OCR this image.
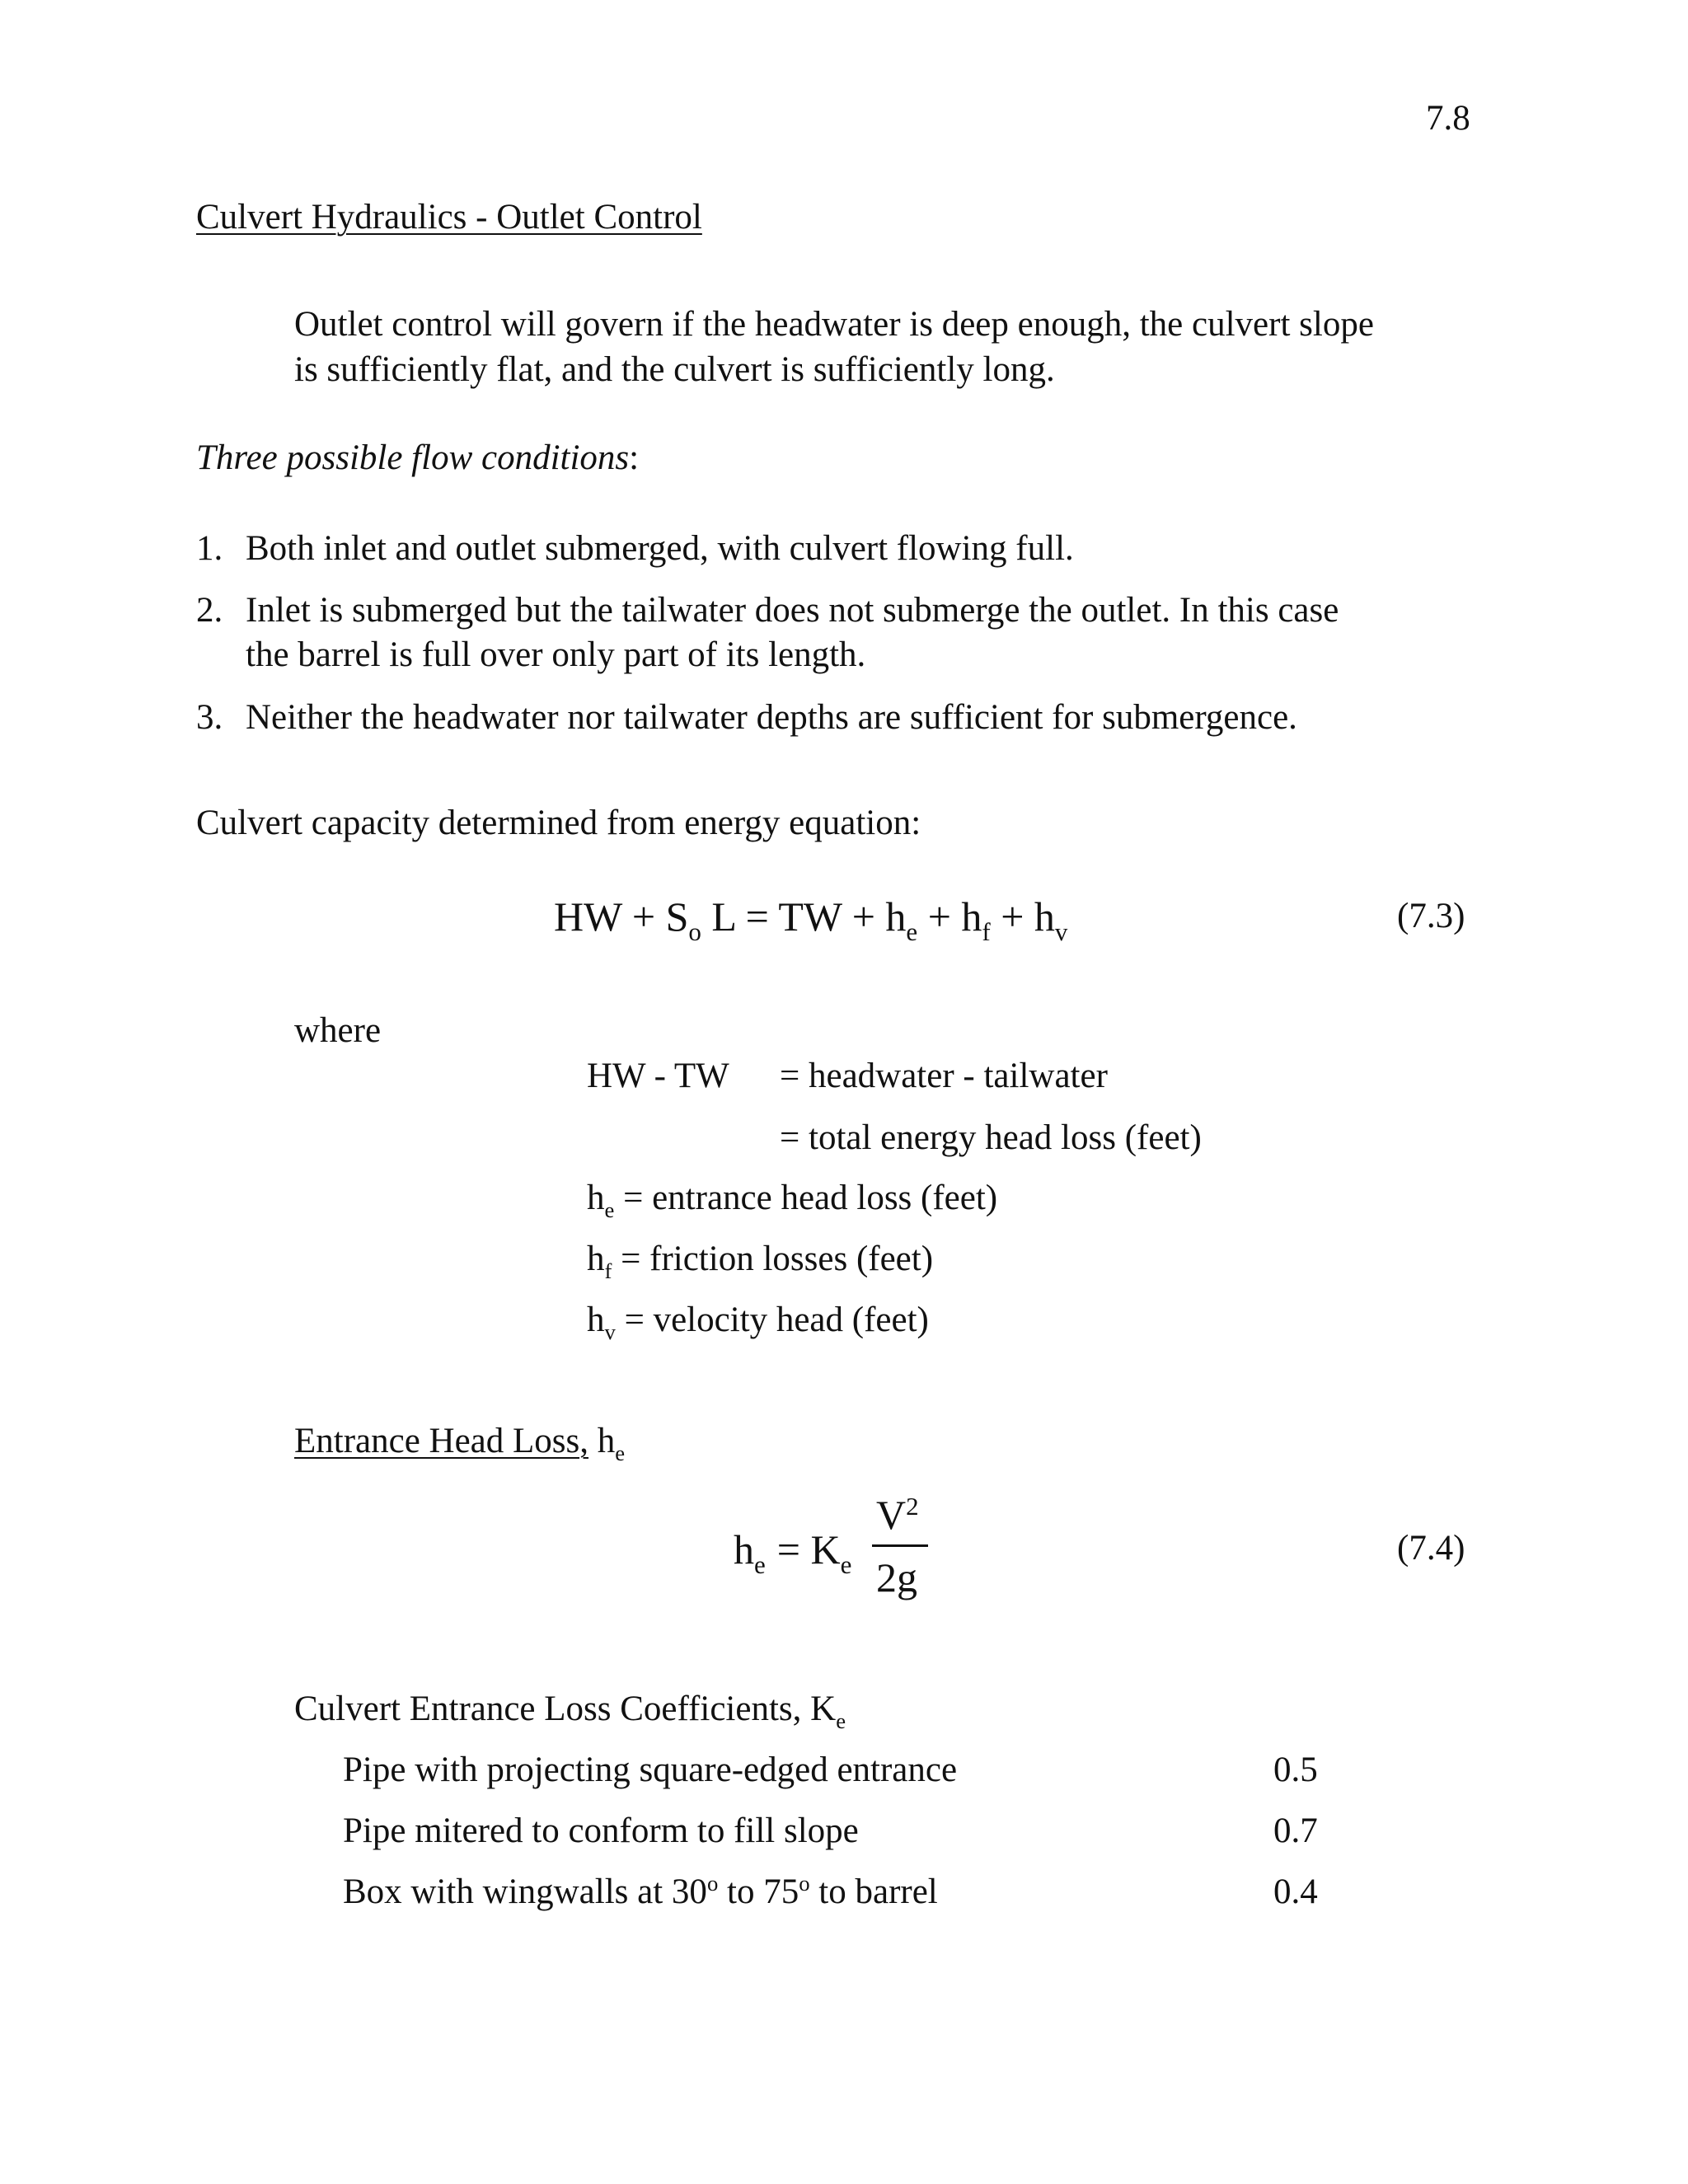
7.8
Culvert Hydraulics - Outlet Control
Outlet control will govern if the headwater is deep enough, the culvert slope
is sufficiently flat, and the culvert is sufficiently long.
Three possible flow conditions:
1. Both inlet and outlet submerged, with culvert flowing full.
2. Inlet is submerged but the tailwater does not submerge the outlet. In this case
the barrel is full over only part of its length.
3. Neither the headwater nor tailwater depths are sufficient for submergence.
Culvert capacity determined from energy equation:
HW + $S_o$ L = TW + $h_e + h_f + h_v$	(7.3)
where
HW - TW = headwater - tailwater
= total energy head loss (feet)
$h_e$ = entrance head loss (feet)
$h_f$ = friction losses (feet)
$h_v$ = velocity head (feet)
Entrance Head Loss, $h_e$
$h_e = K_e$
$V^2$
2g
(7.4)
Culvert Entrance Loss Coefficients, $K_e$
Pipe with projecting square-edged entrance	0.5
Pipe mitered to conform to fill slope	0.7
Box with wingwalls at 30$^o$ to 75$^o$ to barrel	0.4
